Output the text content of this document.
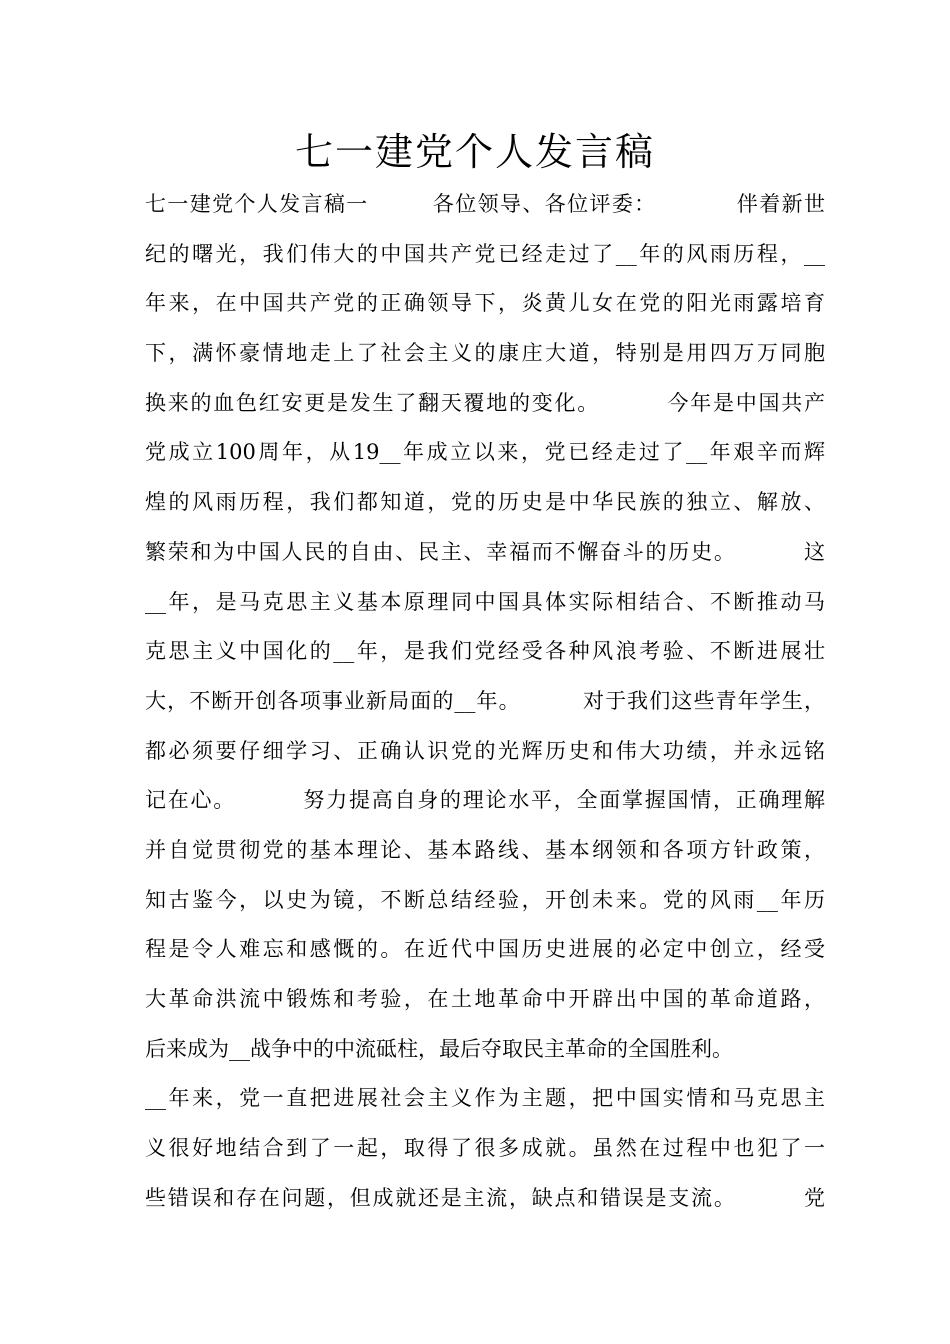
七一建党个人发言稿
七一建党个人发言稿一        各位领导、各位评委：          伴着新世
纪的曙光，我们伟大的中国共产党已经走过了__年的风雨历程，__
年来，在中国共产党的正确领导下，炎黄儿女在党的阳光雨露培育
下，满怀豪情地走上了社会主义的康庄大道，特别是用四万万同胞
换来的血色红安更是发生了翻天覆地的变化。        今年是中国共产
党成立100周年，从19__年成立以来，党已经走过了__年艰辛而辉
煌的风雨历程，我们都知道，党的历史是中华民族的独立、解放、
繁荣和为中国人民的自由、民主、幸福而不懈奋斗的历史。        这
__年，是马克思主义基本原理同中国具体实际相结合、不断推动马
克思主义中国化的__年，是我们党经受各种风浪考验、不断进展壮
大，不断开创各项事业新局面的__年。        对于我们这些青年学生，
都必须要仔细学习、正确认识党的光辉历史和伟大功绩，并永远铭
记在心。        努力提高自身的理论水平，全面掌握国情，正确理解
并自觉贯彻党的基本理论、基本路线、基本纲领和各项方针政策，
知古鉴今，以史为镜，不断总结经验，开创未来。党的风雨__年历
程是令人难忘和感慨的。在近代中国历史进展的必定中创立，经受
大革命洪流中锻炼和考验，在土地革命中开辟出中国的革命道路，
后来成为__战争中的中流砥柱，最后夺取民主革命的全国胜利。
__年来，党一直把进展社会主义作为主题，把中国实情和马克思主
义很好地结合到了一起，取得了很多成就。虽然在过程中也犯了一
些错误和存在问题，但成就还是主流，缺点和错误是支流。        党
